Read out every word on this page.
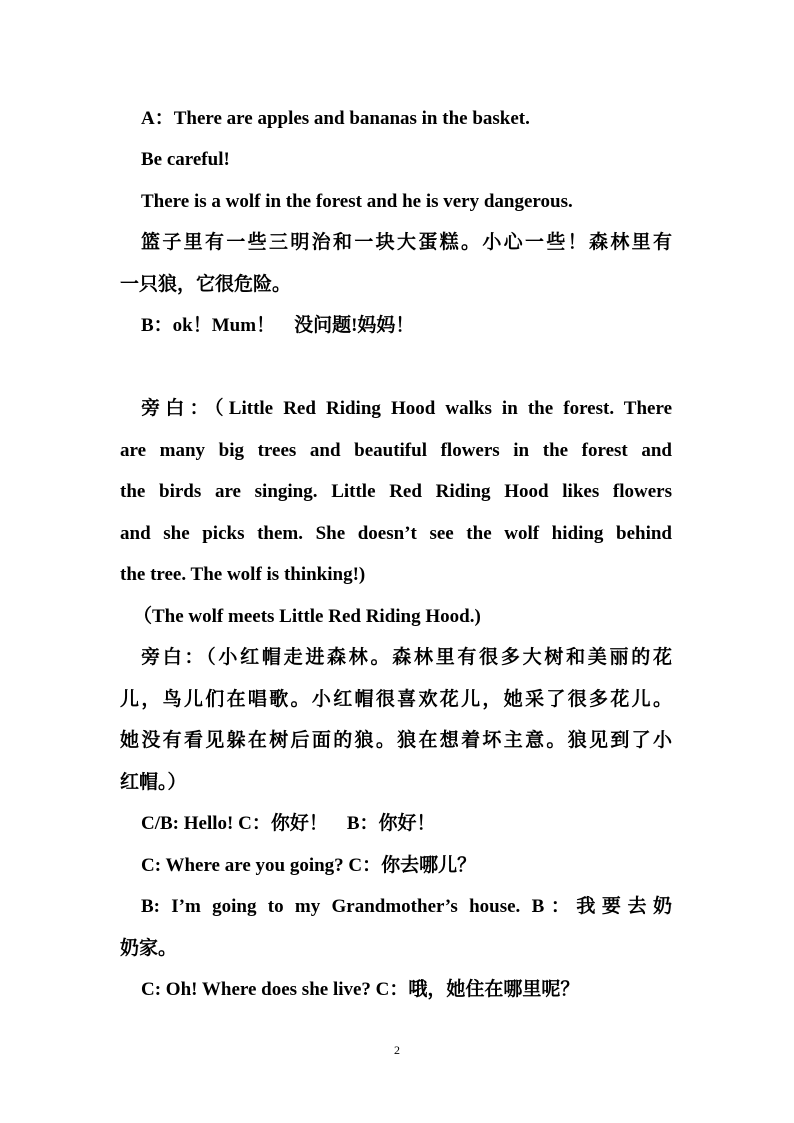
A：There are apples and bananas in the basket.
Be careful!
There is a wolf in the forest and he is very dangerous.
篮子里有一些三明治和一块大蛋糕。小心一些！森林里有
一只狼，它很危险。
B：ok！Mum！　没问题!妈妈！
旁白：（Little Red Riding Hood walks in the forest. There
are many big trees and beautiful flowers in the forest and
the birds are singing. Little Red Riding Hood likes flowers
and she picks them. She doesn’t see the wolf hiding behind
the tree. The wolf is thinking!)
（The wolf meets Little Red Riding Hood.)
旁白：（小红帽走进森林。森林里有很多大树和美丽的花
儿，鸟儿们在唱歌。小红帽很喜欢花儿，她采了很多花儿。
她没有看见躲在树后面的狼。狼在想着坏主意。狼见到了小
红帽。）
C/B: Hello! C：你好！　B：你好！
C: Where are you going? C：你去哪儿？
B: I’m going to my Grandmother’s house. B：我要去奶
奶家。
C: Oh! Where does she live? C：哦，她住在哪里呢？
2
